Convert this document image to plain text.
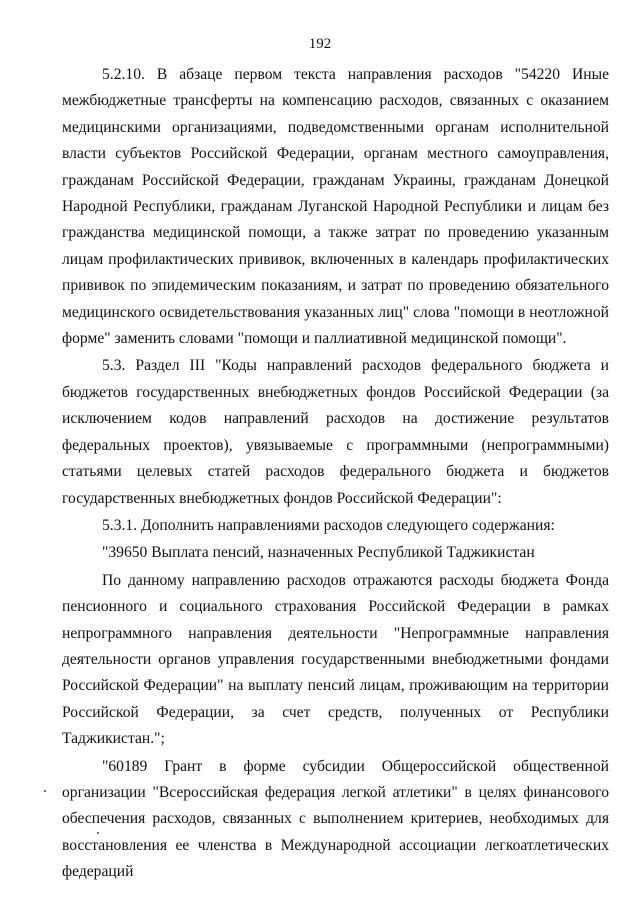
192

5.2.10. В абзаце первом текста направления расходов "54220 Иные межбюджетные трансферты на компенсацию расходов, связанных с оказанием медицинскими организациями, подведомственными органам исполнительной власти субъектов Российской Федерации, органам местного самоуправления, гражданам Российской Федерации, гражданам Украины, гражданам Донецкой Народной Республики, гражданам Луганской Народной Республики и лицам без гражданства медицинской помощи, а также затрат по проведению указанным лицам профилактических прививок, включенных в календарь профилактических прививок по эпидемическим показаниям, и затрат по проведению обязательного медицинского освидетельствования указанных лиц" слова "помощи в неотложной форме" заменить словами "помощи и паллиативной медицинской помощи".

5.3. Раздел III "Коды направлений расходов федерального бюджета и бюджетов государственных внебюджетных фондов Российской Федерации (за исключением кодов направлений расходов на достижение результатов федеральных проектов), увязываемые с программными (непрограммными) статьями целевых статей расходов федерального бюджета и бюджетов государственных внебюджетных фондов Российской Федерации":

5.3.1. Дополнить направлениями расходов следующего содержания:

"39650 Выплата пенсий, назначенных Республикой Таджикистан

По данному направлению расходов отражаются расходы бюджета Фонда пенсионного и социального страхования Российской Федерации в рамках непрограммного направления деятельности "Непрограммные направления деятельности органов управления государственными внебюджетными фондами Российской Федерации" на выплату пенсий лицам, проживающим на территории Российской Федерации, за счет средств, полученных от Республики Таджикистан.";

"60189 Грант в форме субсидии Общероссийской общественной организации "Всероссийская федерация легкой атлетики" в целях финансового обеспечения расходов, связанных с выполнением критериев, необходимых для восстановления ее членства в Международной ассоциации легкоатлетических федераций
